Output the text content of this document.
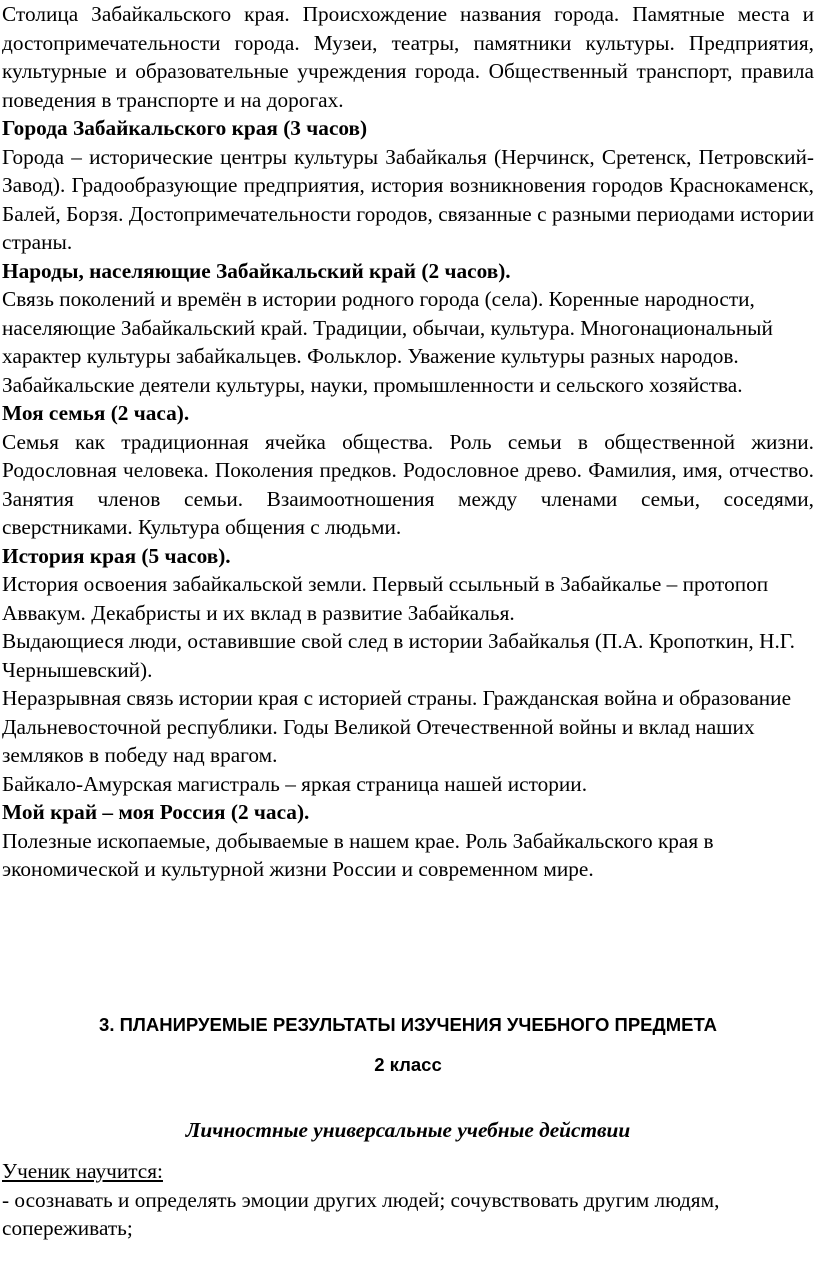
Столица Забайкальского края. Происхождение названия города. Памятные места и достопримечательности города. Музеи, театры, памятники культуры. Предприятия, культурные и образовательные учреждения города. Общественный транспорт, правила поведения в транспорте и на дорогах.

Города Забайкальского края (3 часов)

Города – исторические центры культуры Забайкалья (Нерчинск, Сретенск, Петровский-Завод). Градообразующие предприятия, история возникновения городов Краснокаменск, Балей, Борзя. Достопримечательности городов, связанные с разными периодами истории страны.

Народы, населяющие Забайкальский край (2 часов).

Связь поколений и времён в истории родного города (села). Коренные народности, населяющие Забайкальский край. Традиции, обычаи, культура. Многонациональный характер культуры забайкальцев. Фольклор. Уважение культуры разных народов.

Забайкальские деятели культуры, науки, промышленности и сельского хозяйства.

Моя семья (2 часа).

Семья как традиционная ячейка общества. Роль семьи в общественной жизни. Родословная человека. Поколения предков. Родословное древо. Фамилия, имя, отчество. Занятия членов семьи. Взаимоотношения между членами семьи, соседями, сверстниками. Культура общения с людьми.

История края (5 часов).

История освоения забайкальской земли. Первый ссыльный в Забайкалье – протопоп Аввакум. Декабристы и их вклад в развитие Забайкалья.

Выдающиеся люди, оставившие свой след в истории Забайкалья (П.А. Кропоткин, Н.Г. Чернышевский).

Неразрывная связь истории края с историей страны. Гражданская война и образование Дальневосточной республики. Годы Великой Отечественной войны и вклад наших земляков в победу над врагом.

Байкало-Амурская магистраль – яркая страница нашей истории.

Мой край – моя Россия (2 часа).

Полезные ископаемые, добываемые в нашем крае. Роль Забайкальского края в экономической и культурной жизни России и современном мире.

3. ПЛАНИРУЕМЫЕ РЕЗУЛЬТАТЫ ИЗУЧЕНИЯ УЧЕБНОГО ПРЕДМЕТА

2 класс

Личностные универсальные учебные действии

Ученик научится:

- осознавать и определять эмоции других людей; сочувствовать другим людям, сопереживать;
